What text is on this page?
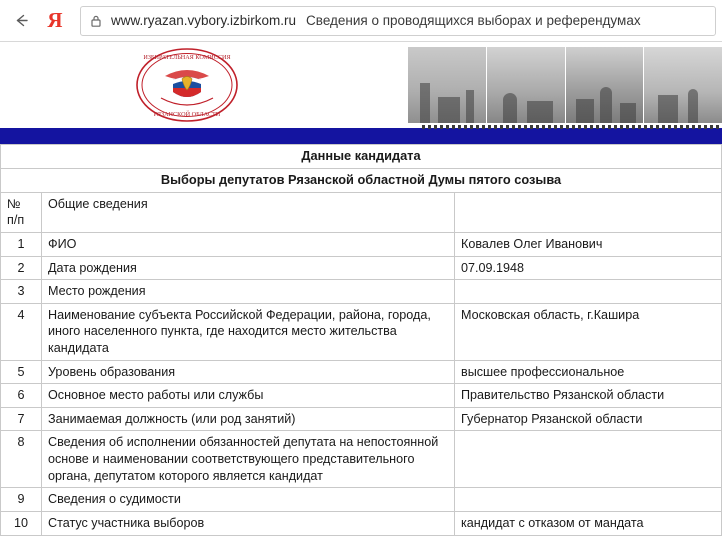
Я	www.ryazan.vybory.izbirkom.ru Сведения о проводящихся выборах и референдумах
ИЗБИРАТЕЛЬНАЯ КОМИССИЯ
РЯЗАНСКОЙ ОБЛАСТИ
Данные кандидата		
Выборы депутатов Рязанской областной Думы пятого созыва		

№
п/п	Общие сведения	
1	ФИО	Ковалев Олег Иванович
2	Дата рождения	07.09.1948
3	Место рождения	
4	Наименование субъекта Российской Федерации, района, города, иного населенного пункта, где находится место жительства кандидата	Московская область, г.Кашира
5	Уровень образования	высшее профессиональное
6	Основное место работы или службы	Правительство Рязанской области
7	Занимаемая должность (или род занятий)	Губернатор Рязанской области
8	Сведения об исполнении обязанностей депутата на непостоянной основе и наименовании соответствующего представительного органа, депутатом которого является кандидат	
9	Сведения о судимости	
10	Статус участника выборов	кандидат с отказом от мандата
